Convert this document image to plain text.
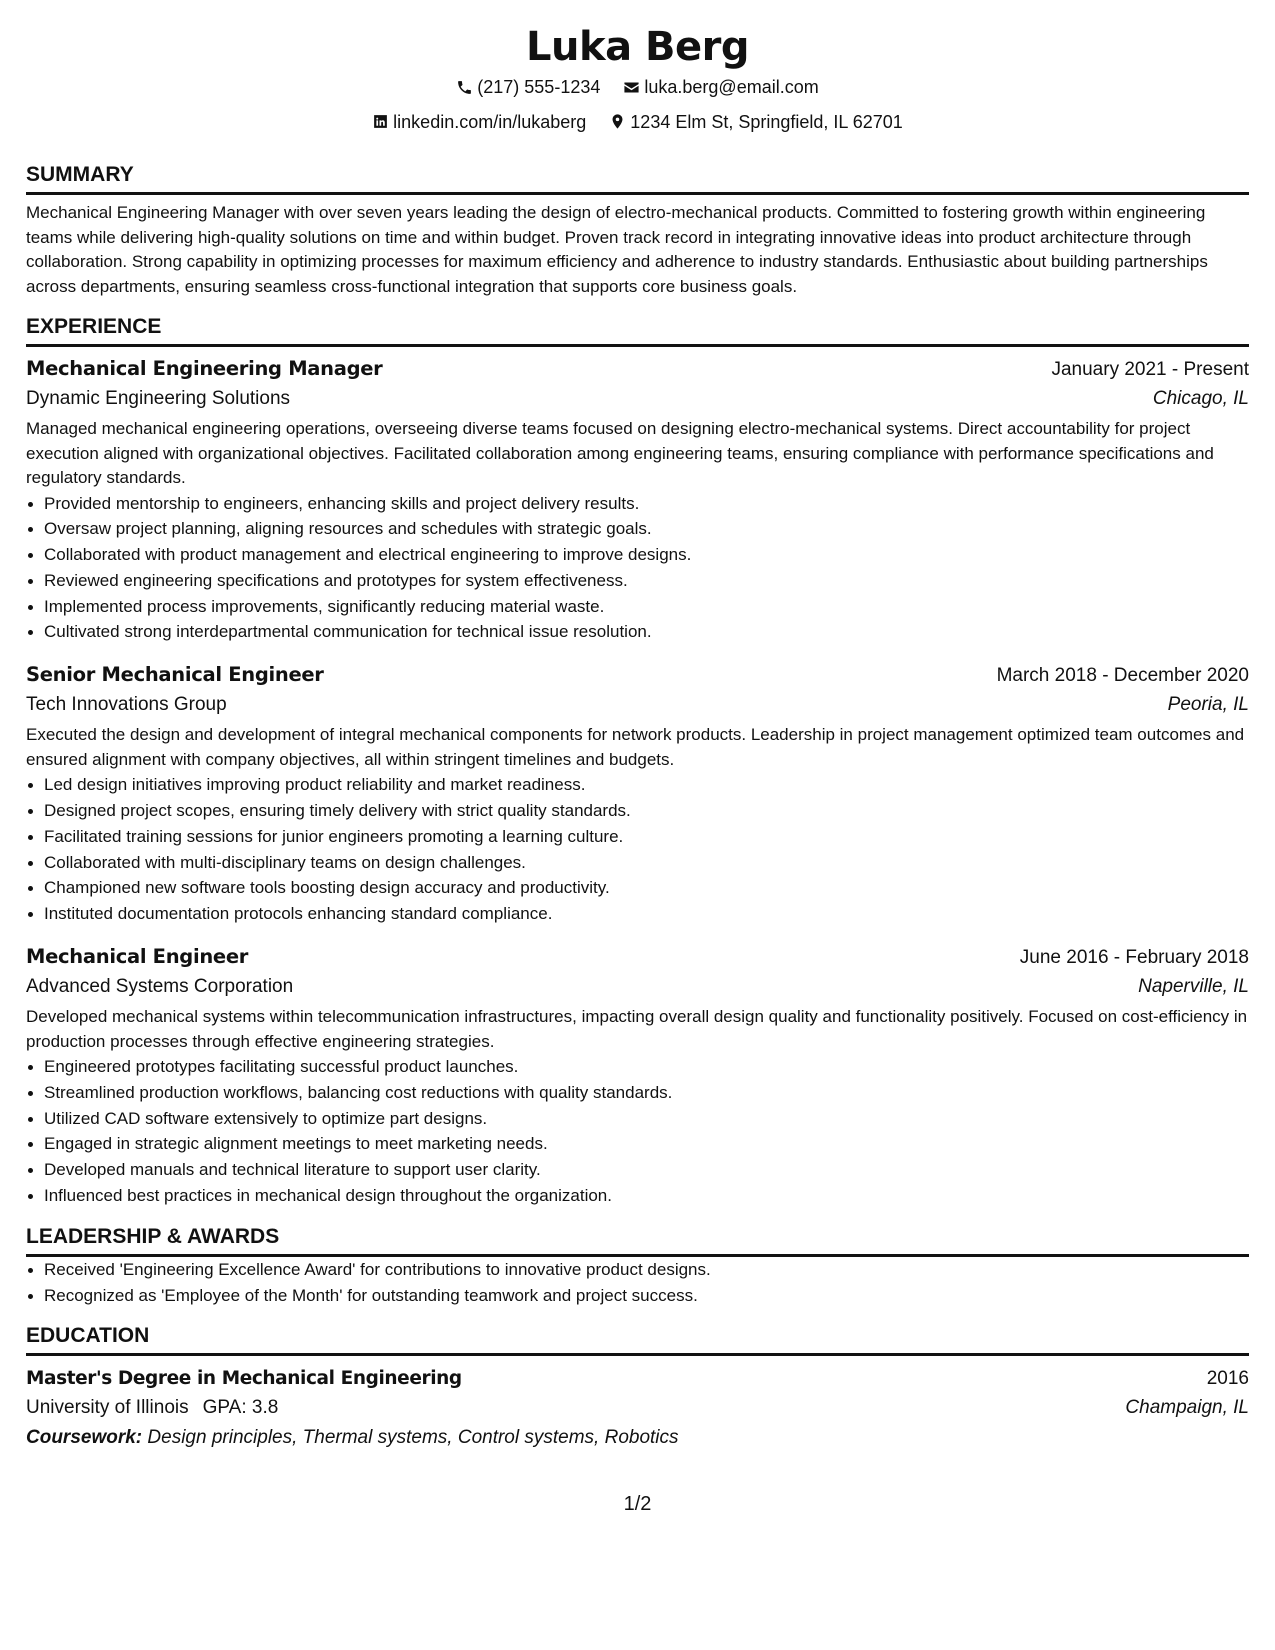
Luka Berg
(217) 555-1234
luka.berg@email.com
linkedin.com/in/lukaberg
1234 Elm St, Springfield, IL 62701
SUMMARY

Mechanical Engineering Manager with over seven years leading the design of electro-mechanical products. Committed to fostering growth within engineering teams while delivering high-quality solutions on time and within budget. Proven track record in integrating innovative ideas into product architecture through collaboration. Strong capability in optimizing processes for maximum efficiency and adherence to industry standards. Enthusiastic about building partnerships across departments, ensuring seamless cross-functional integration that supports core business goals.

EXPERIENCE
Mechanical Engineering Manager	January 2021 - Present
Dynamic Engineering Solutions	Chicago, IL

Managed mechanical engineering operations, overseeing diverse teams focused on designing electro-mechanical systems. Direct accountability for project execution aligned with organizational objectives. Facilitated collaboration among engineering teams, ensuring compliance with performance specifications and regulatory standards.

Provided mentorship to engineers, enhancing skills and project delivery results.
Oversaw project planning, aligning resources and schedules with strategic goals.
Collaborated with product management and electrical engineering to improve designs.
Reviewed engineering specifications and prototypes for system effectiveness.
Implemented process improvements, significantly reducing material waste.
Cultivated strong interdepartmental communication for technical issue resolution.
Senior Mechanical Engineer	March 2018 - December 2020
Tech Innovations Group	Peoria, IL

Executed the design and development of integral mechanical components for network products. Leadership in project management optimized team outcomes and ensured alignment with company objectives, all within stringent timelines and budgets.

Led design initiatives improving product reliability and market readiness.
Designed project scopes, ensuring timely delivery with strict quality standards.
Facilitated training sessions for junior engineers promoting a learning culture.
Collaborated with multi-disciplinary teams on design challenges.
Championed new software tools boosting design accuracy and productivity.
Instituted documentation protocols enhancing standard compliance.
Mechanical Engineer	June 2016 - February 2018
Advanced Systems Corporation	Naperville, IL

Developed mechanical systems within telecommunication infrastructures, impacting overall design quality and functionality positively. Focused on cost-efficiency in production processes through effective engineering strategies.

Engineered prototypes facilitating successful product launches.
Streamlined production workflows, balancing cost reductions with quality standards.
Utilized CAD software extensively to optimize part designs.
Engaged in strategic alignment meetings to meet marketing needs.
Developed manuals and technical literature to support user clarity.
Influenced best practices in mechanical design throughout the organization.
LEADERSHIP & AWARDS
Received 'Engineering Excellence Award' for contributions to innovative product designs.
Recognized as 'Employee of the Month' for outstanding teamwork and project success.
EDUCATION
Master's Degree in Mechanical Engineering	2016
University of Illinois GPA: 3.8	Champaign, IL
Coursework: Design principles, Thermal systems, Control systems, Robotics
1/2
